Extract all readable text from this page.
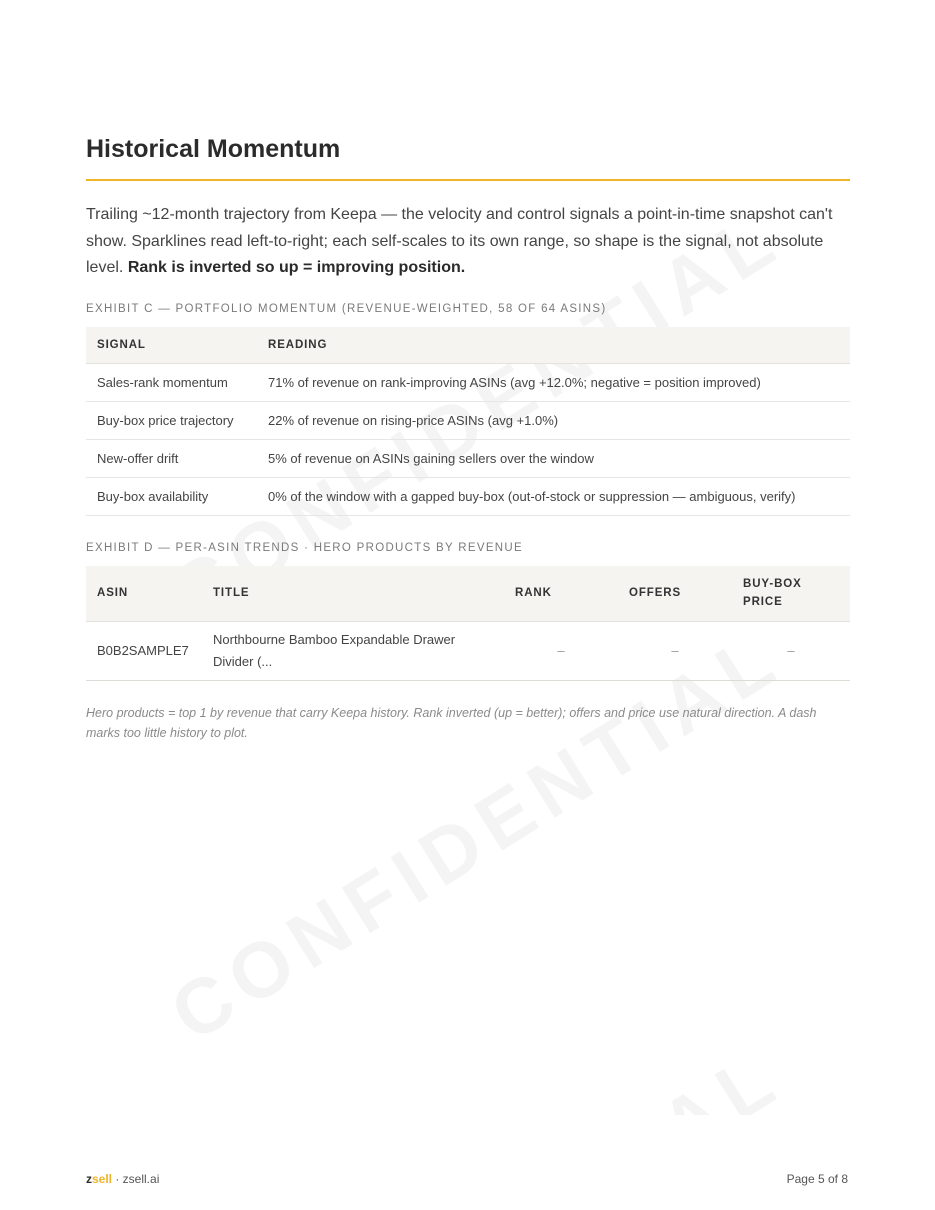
Historical Momentum

Trailing ~12-month trajectory from Keepa — the velocity and control signals a point-in-time snapshot can't show. Sparklines read left-to-right; each self-scales to its own range, so shape is the signal, not absolute level. Rank is inverted so up = improving position.

EXHIBIT C — PORTFOLIO MOMENTUM (REVENUE-WEIGHTED, 58 OF 64 ASINS)

SIGNAL	READING
Sales-rank momentum	71% of revenue on rank-improving ASINs (avg +12.0%; negative = position improved)
Buy-box price trajectory	22% of revenue on rising-price ASINs (avg +1.0%)
New-offer drift	5% of revenue on ASINs gaining sellers over the window
Buy-box availability	0% of the window with a gapped buy-box (out-of-stock or suppression — ambiguous, verify)

EXHIBIT D — PER-ASIN TRENDS · HERO PRODUCTS BY REVENUE

ASIN	TITLE	RANK	OFFERS	BUY-BOX PRICE
B0B2SAMPLE7	Northbourne Bamboo Expandable Drawer Divider (...	–	–	–

Hero products = top 1 by revenue that carry Keepa history. Rank inverted (up = better); offers and price use natural direction. A dash marks too little history to plot.

zsell · zsell.ai	Page 5 of 8
